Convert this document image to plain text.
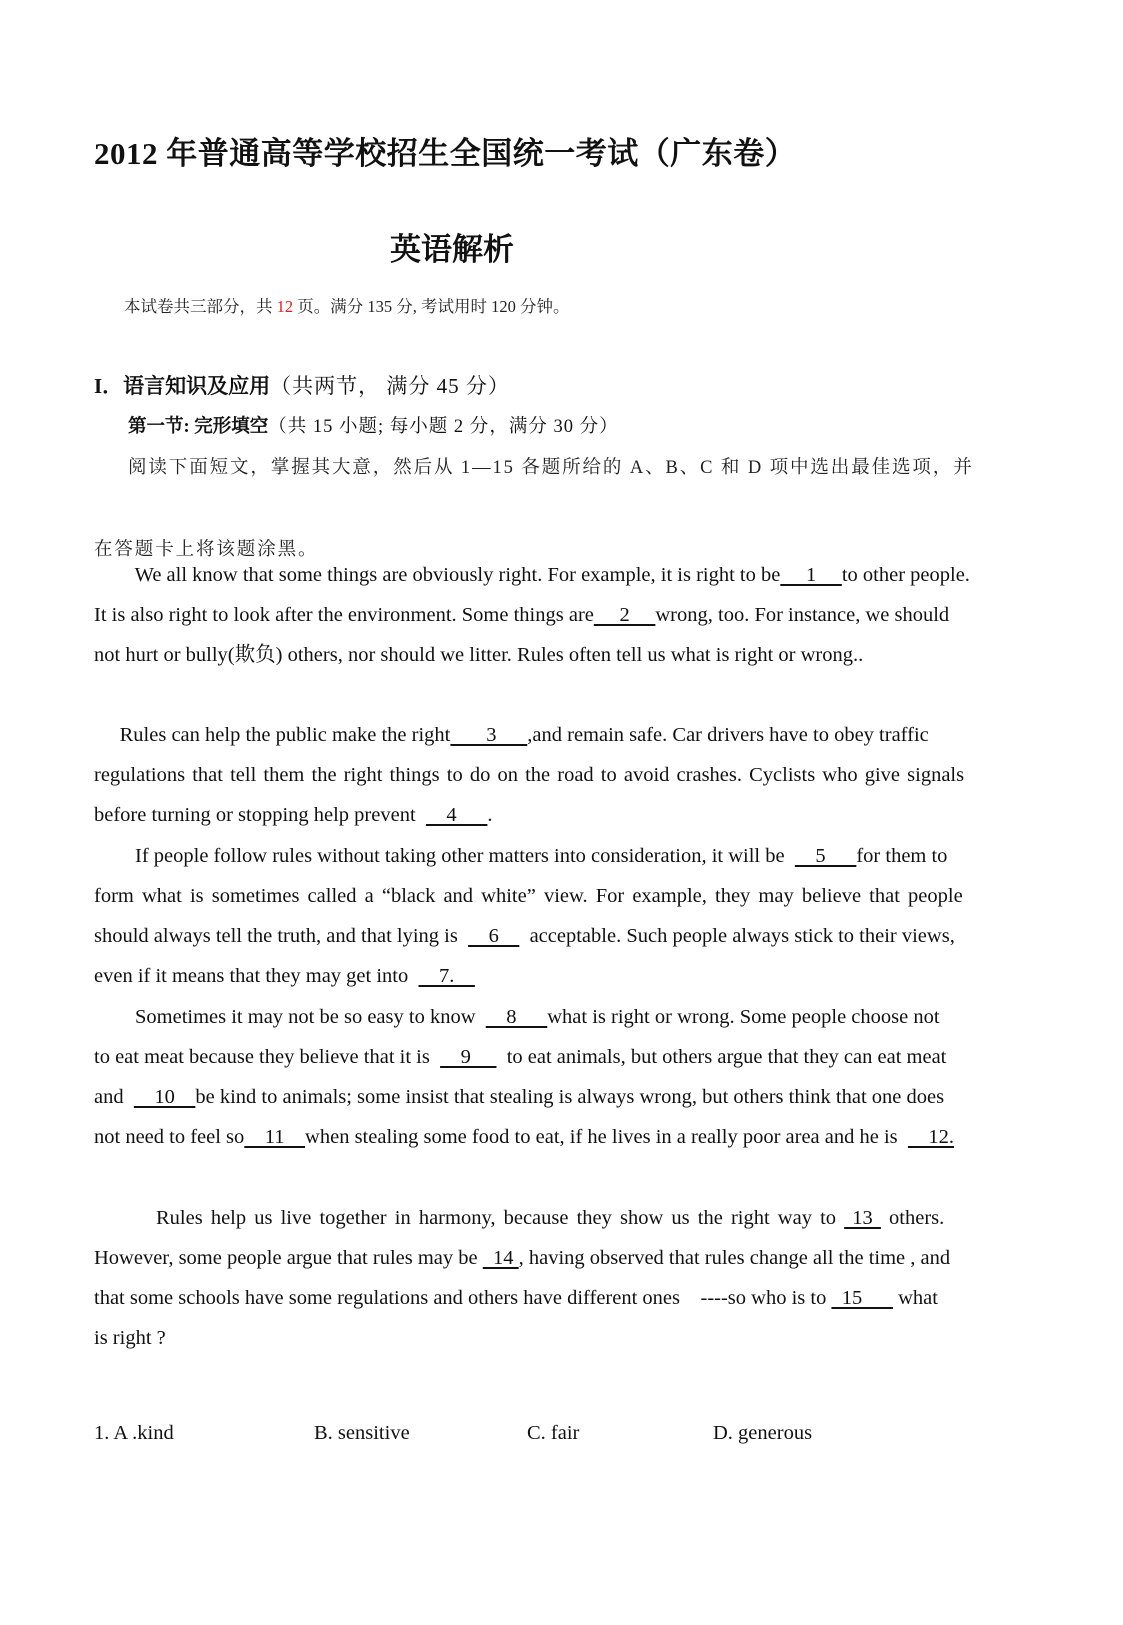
2012 年普通高等学校招生全国统一考试（广东卷）
英语解析
本试卷共三部分，共 12 页。满分 135 分, 考试用时 120 分钟。
I．语言知识及应用（共两节， 满分 45 分）
第一节: 完形填空（共 15 小题; 每小题 2 分，满分 30 分）
阅读下面短文，掌握其大意，然后从 1—15 各题所给的 A、B、C 和 D 项中选出最佳选项，并
在答题卡上将该题涂黑。
We all know that some things are obviously right. For example, it is right to be     1     to other people.
It is also right to look after the environment. Some things are     2     wrong, too. For instance, we should
not hurt or bully(欺负) others, nor should we litter. Rules often tell us what is right or wrong..
Rules can help the public make the right       3      ,and remain safe. Car drivers have to obey traffic
regulations that tell them the right things to do on the road to avoid crashes. Cyclists who give signals
before turning or stopping help prevent      4      .
If people follow rules without taking other matters into consideration, it will be      5      for them to
form what is sometimes called a “black and white” view. For example, they may believe that people
should always tell the truth, and that lying is      6      acceptable. Such people always stick to their views,
even if it means that they may get into      7.
Sometimes it may not be so easy to know      8      what is right or wrong. Some people choose not
to eat meat because they believe that it is      9       to eat animals, but others argue that they can eat meat
and      10    be kind to animals; some insist that stealing is always wrong, but others think that one does
not need to feel so    11    when stealing some food to eat, if he lives in a really poor area and he is      12.
Rules help us live together in harmony, because they show us the right way to  13  others.
However, some people argue that rules may be   14 , having observed that rules change all the time , and
that some schools have some regulations and others have different ones    ----so who is to   15       what
is right ?
1. A .kind	B. sensitive	C. fair	D. generous
